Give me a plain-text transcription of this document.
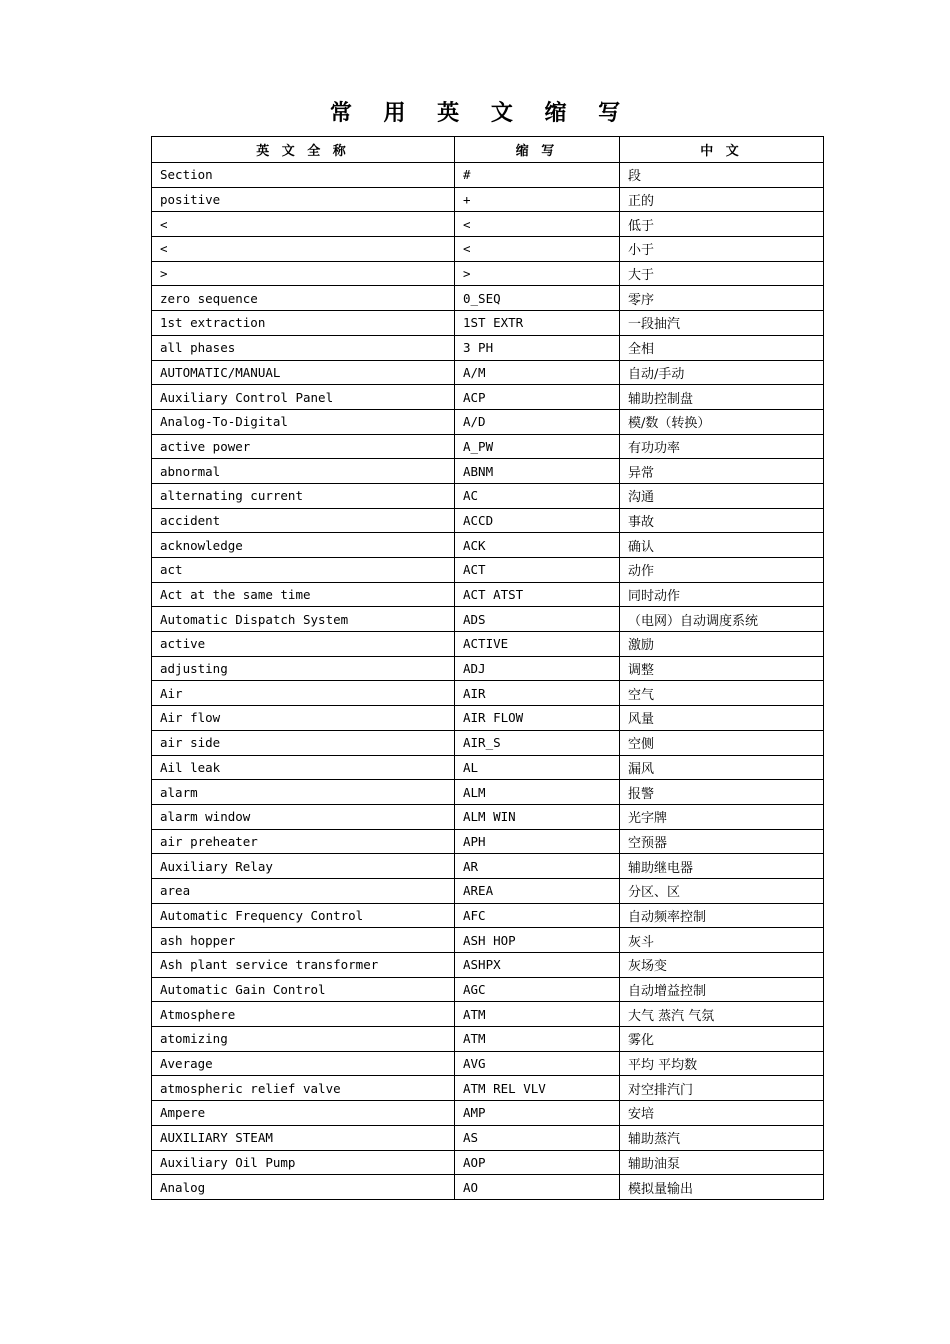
常 用 英 文 缩 写
英 文 全 称	缩 写	中 文
Section	#	段
positive	+	正的
<	<	低于
<	<	小于
>	>	大于
zero sequence	0_SEQ	零序
1st extraction	1ST EXTR	一段抽汽
all phases	3 PH	全相
AUTOMATIC/MANUAL	A/M	自动/手动
Auxiliary Control Panel	ACP	辅助控制盘
Analog-To-Digital	A/D	模/数（转换）
active power	A_PW	有功功率
abnormal	ABNM	异常
alternating current	AC	沟通
accident	ACCD	事故
acknowledge	ACK	确认
act	ACT	动作
Act at the same time	ACT ATST	同时动作
Automatic Dispatch System	ADS	（电网）自动调度系统
active	ACTIVE	激励
adjusting	ADJ	调整
Air	AIR	空气
Air flow	AIR FLOW	风量
air side	AIR_S	空侧
Ail leak	AL	漏风
alarm	ALM	报警
alarm window	ALM WIN	光字牌
air preheater	APH	空预器
Auxiliary Relay	AR	辅助继电器
area	AREA	分区、区
Automatic Frequency Control	AFC	自动频率控制
ash hopper	ASH HOP	灰斗
Ash plant service transformer	ASHPX	灰场变
Automatic Gain Control	AGC	自动增益控制
Atmosphere	ATM	大气 蒸汽 气氛
atomizing	ATM	雾化
Average	AVG	平均 平均数
atmospheric relief valve	ATM REL VLV	对空排汽门
Ampere	AMP	安培
AUXILIARY STEAM	AS	辅助蒸汽
Auxiliary Oil Pump	AOP	辅助油泵
Analog	AO	模拟量输出
